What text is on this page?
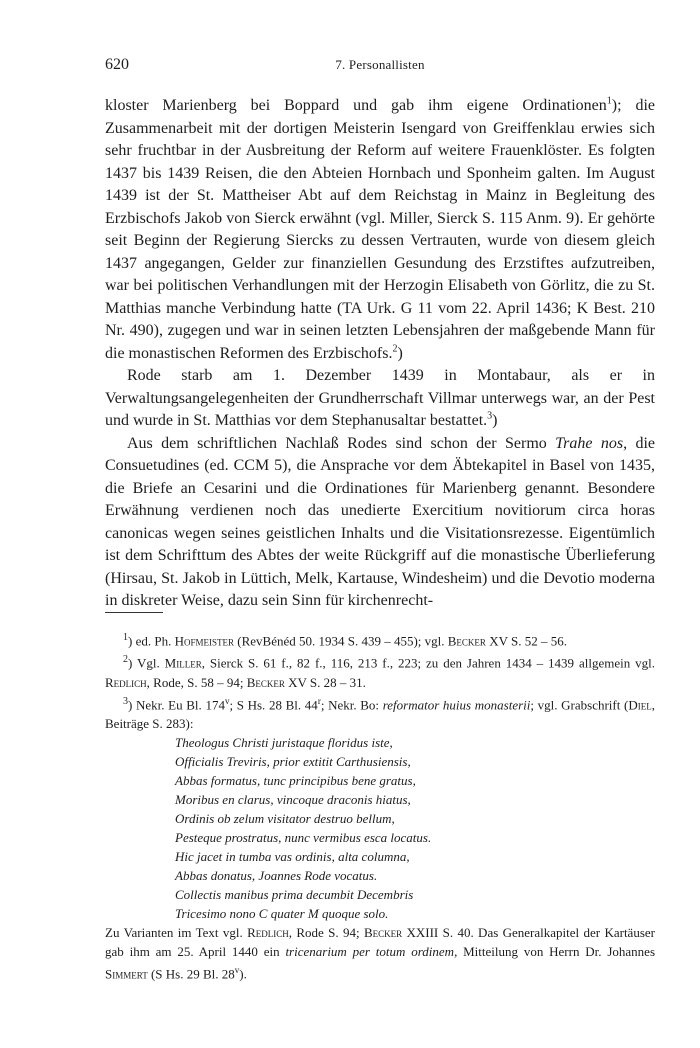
620	7. Personallisten

kloster Marienberg bei Boppard und gab ihm eigene Ordinationen$^1$); die Zusammenarbeit mit der dortigen Meisterin Isengard von Greiffenklau erwies sich sehr fruchtbar in der Ausbreitung der Reform auf weitere Frauenklöster. Es folgten 1437 bis 1439 Reisen, die den Abteien Hornbach und Sponheim galten. Im August 1439 ist der St. Mattheiser Abt auf dem Reichstag in Mainz in Begleitung des Erzbischofs Jakob von Sierck erwähnt (vgl. Miller, Sierck S. 115 Anm. 9). Er gehörte seit Beginn der Regierung Siercks zu dessen Vertrauten, wurde von diesem gleich 1437 angegangen, Gelder zur finanziellen Gesundung des Erzstiftes aufzutreiben, war bei politischen Verhandlungen mit der Herzogin Elisabeth von Görlitz, die zu St. Matthias manche Verbindung hatte (TA Urk. G 11 vom 22. April 1436; K Best. 210 Nr. 490), zugegen und war in seinen letzten Lebensjahren der maßgebende Mann für die monastischen Reformen des Erzbischofs.$^2$)

Rode starb am 1. Dezember 1439 in Montabaur, als er in Verwaltungsangelegenheiten der Grundherrschaft Villmar unterwegs war, an der Pest und wurde in St. Matthias vor dem Stephanusaltar bestattet.$^3$)

Aus dem schriftlichen Nachlaß Rodes sind schon der Sermo Trahe nos, die Consuetudines (ed. CCM 5), die Ansprache vor dem Äbtekapitel in Basel von 1435, die Briefe an Cesarini und die Ordinationes für Marienberg genannt. Besondere Erwähnung verdienen noch das unedierte Exercitium novitiorum circa horas canonicas wegen seines geistlichen Inhalts und die Visitationsrezesse. Eigentümlich ist dem Schrifttum des Abtes der weite Rückgriff auf die monastische Überlieferung (Hirsau, St. Jakob in Lüttich, Melk, Kartause, Windesheim) und die Devotio moderna in diskreter Weise, dazu sein Sinn für kirchenrecht-

$^1$) ed. Ph. Hofmeister (RevBénéd 50. 1934 S. 439 – 455); vgl. Becker XV S. 52 – 56.

$^2$) Vgl. Miller, Sierck S. 61 f., 82 f., 116, 213 f., 223; zu den Jahren 1434 – 1439 allgemein vgl. Redlich, Rode, S. 58 – 94; Becker XV S. 28 – 31.

$^3$) Nekr. Eu Bl. 174$^v$; S Hs. 28 Bl. 44$^r$; Nekr. Bo: reformator huius monasterii; vgl. Grabschrift (Diel, Beiträge S. 283):

Theologus Christi juristaque floridus iste,
Officialis Treviris, prior extitit Carthusiensis,
Abbas formatus, tunc principibus bene gratus,
Moribus en clarus, vincoque draconis hiatus,
Ordinis ob zelum visitator destruo bellum,
Pesteque prostratus, nunc vermibus esca locatus.
Hic jacet in tumba vas ordinis, alta columna,
Abbas donatus, Joannes Rode vocatus.
Collectis manibus prima decumbit Decembris
Tricesimo nono C quater M quoque solo.

Zu Varianten im Text vgl. Redlich, Rode S. 94; Becker XXIII S. 40. Das Generalkapitel der Kartäuser gab ihm am 25. April 1440 ein tricenarium per totum ordinem, Mitteilung von Herrn Dr. Johannes Simmert (S Hs. 29 Bl. 28$^v$).
